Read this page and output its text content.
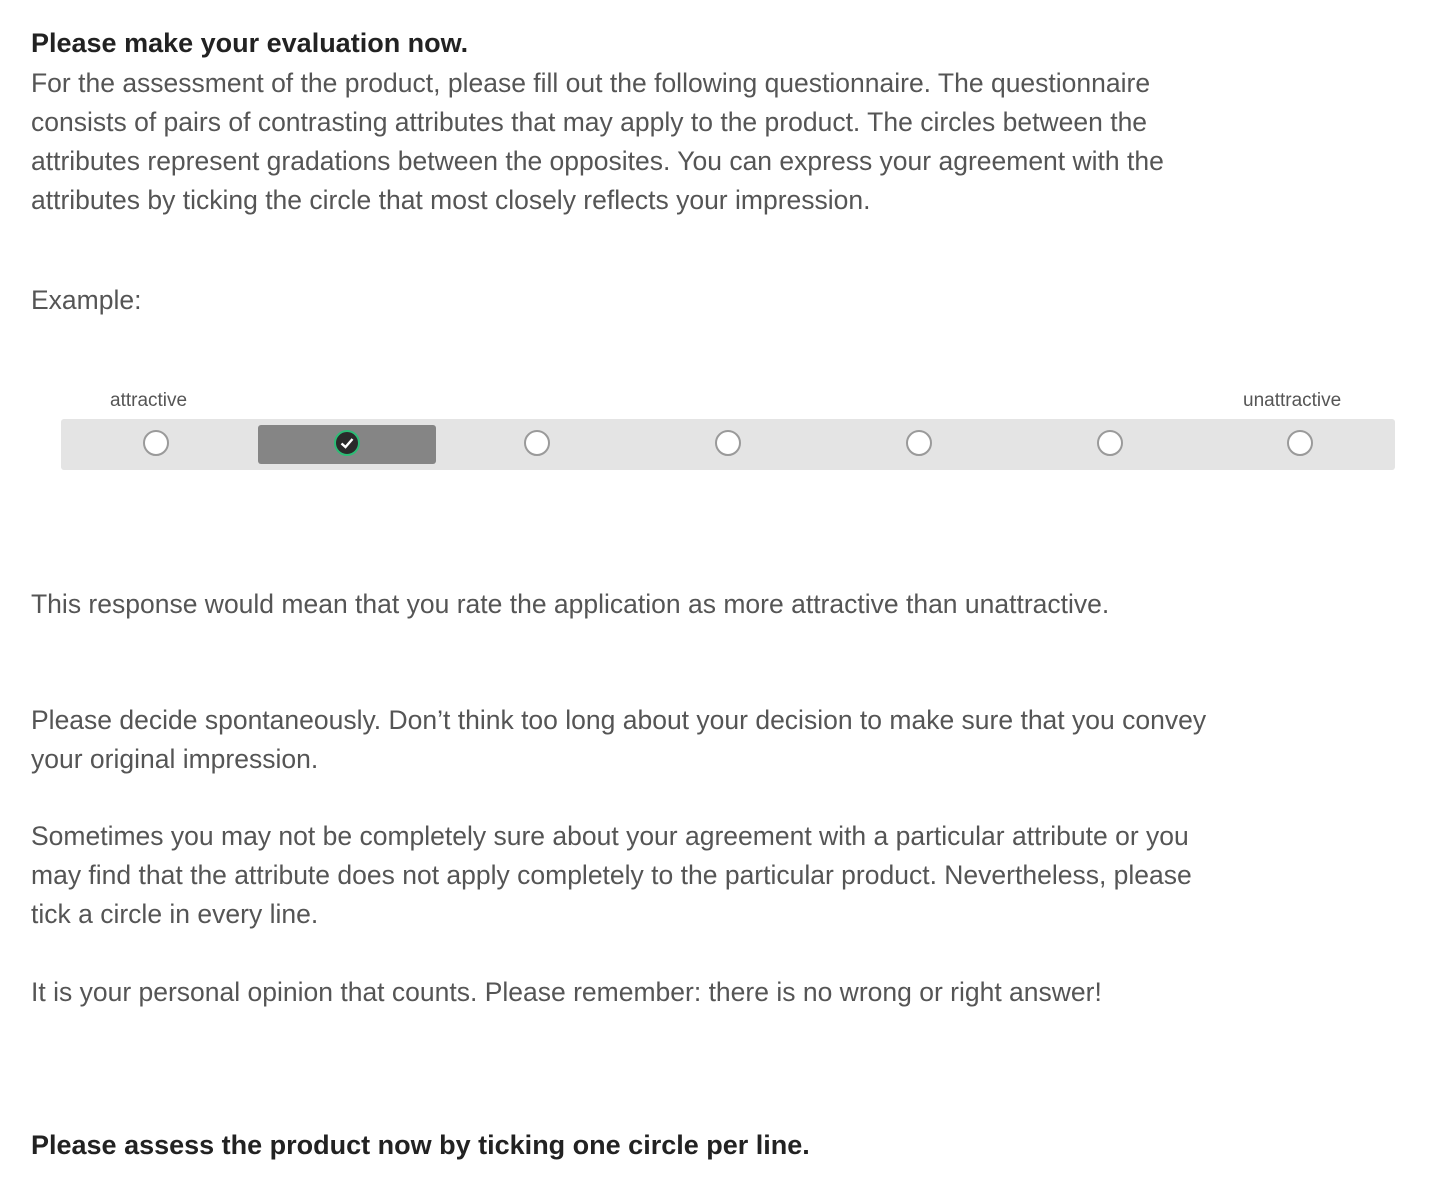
Please make your evaluation now.
For the assessment of the product, please fill out the following questionnaire. The questionnaire
consists of pairs of contrasting attributes that may apply to the product. The circles between the
attributes represent gradations between the opposites. You can express your agreement with the
attributes by ticking the circle that most closely reflects your impression.
Example:
attractive	unattractive
This response would mean that you rate the application as more attractive than unattractive.
Please decide spontaneously. Don’t think too long about your decision to make sure that you convey
your original impression.
Sometimes you may not be completely sure about your agreement with a particular attribute or you
may find that the attribute does not apply completely to the particular product. Nevertheless, please
tick a circle in every line.
It is your personal opinion that counts. Please remember: there is no wrong or right answer!
Please assess the product now by ticking one circle per line.
